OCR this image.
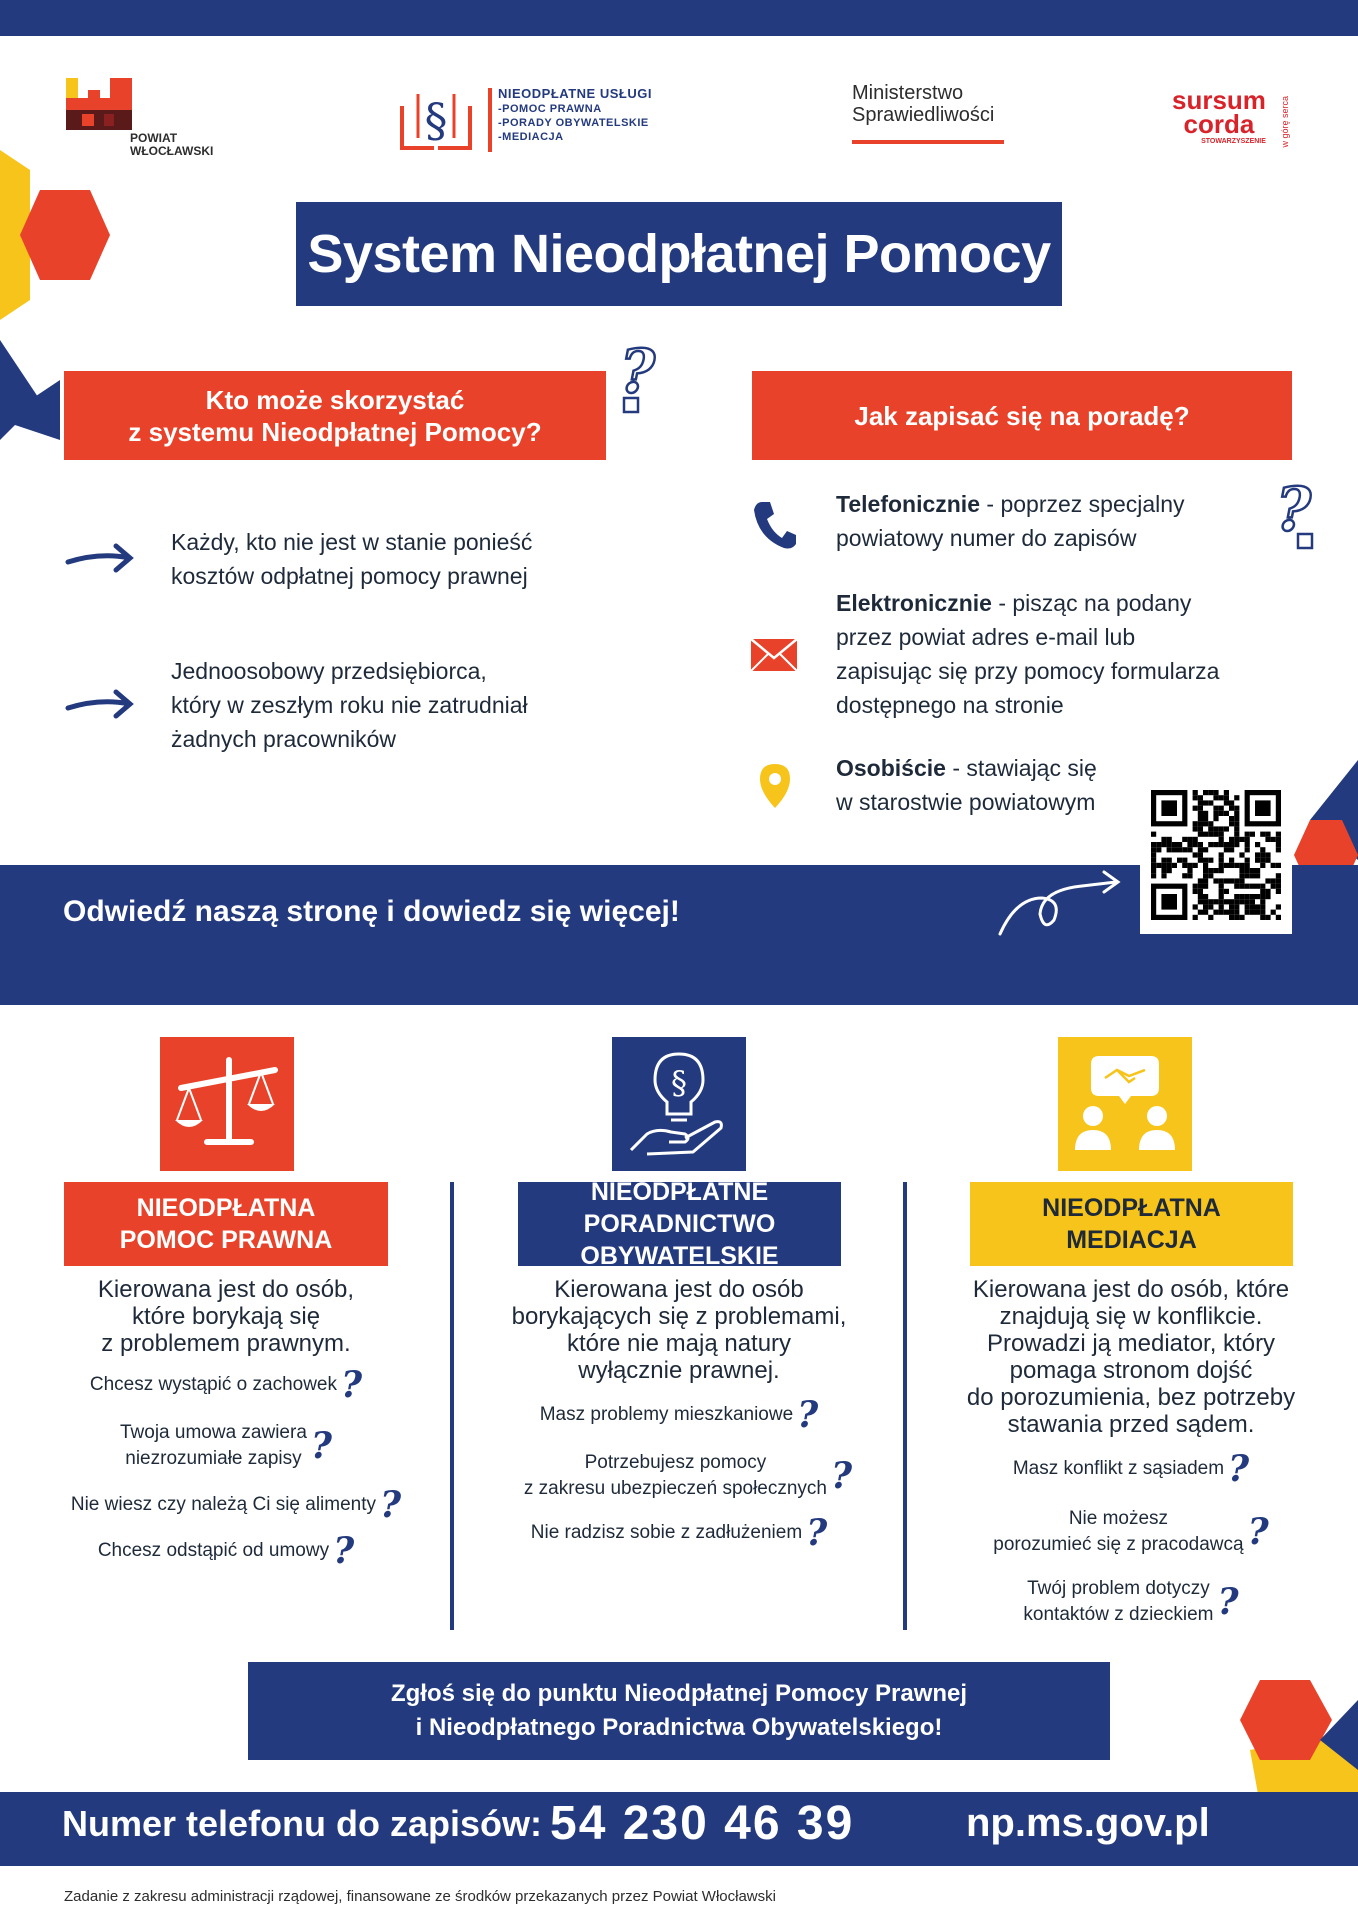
POWIAT
WŁOCŁAWSKI
§	NIEODPŁATNE USŁUGI
-POMOC PRAWNA
-PORADY OBYWATELSKIE
-MEDIACJA
Ministerstwo
Sprawiedliwości	sursum
corda
STOWARZYSZENIE w górę serca
System Nieodpłatnej Pomocy
Kto może skorzystać
z systemu Nieodpłatnej Pomocy?
?
Jak zapisać się na poradę?
Każdy, kto nie jest w stanie ponieść
kosztów odpłatnej pomocy prawnej
Jednoosobowy przedsiębiorca,
który w zeszłym roku nie zatrudniał
żadnych pracowników
Telefonicznie - poprzez specjalny
powiatowy numer do zapisów	?
Elektronicznie - pisząc na podany
przez powiat adres e-mail lub
zapisując się przy pomocy formularza
dostępnego na stronie
Osobiście - stawiając się
w starostwie powiatowym
Odwiedź naszą stronę i dowiedz się więcej!
NIEODPŁATNA
POMOC PRAWNA
Kierowana jest do osób,
które borykają się
z problemem prawnym.
Chcesz wystąpić o zachowek ?
Twoja umowa zawiera
niezrozumiałe zapisy ?
Nie wiesz czy należą Ci się alimenty ?
Chcesz odstąpić od umowy ?
§
NIEODPŁATNE
PORADNICTWO OBYWATELSKIE
Kierowana jest do osób
borykających się z problemami,
które nie mają natury
wyłącznie prawnej.
Masz problemy mieszkaniowe ?
Potrzebujesz pomocy
z zakresu ubezpieczeń społecznych ?
Nie radzisz sobie z zadłużeniem ?
NIEODPŁATNA
MEDIACJA
Kierowana jest do osób, które
znajdują się w konflikcie.
Prowadzi ją mediator, który
pomaga stronom dojść
do porozumienia, bez potrzeby
stawania przed sądem.
Masz konflikt z sąsiadem ?
Nie możesz
porozumieć się z pracodawcą ?
Twój problem dotyczy
kontaktów z dzieckiem ?
Zgłoś się do punktu Nieodpłatnej Pomocy Prawnej
i Nieodpłatnego Poradnictwa Obywatelskiego!
Numer telefonu do zapisów: 54 230 46 39	np.ms.gov.pl
Zadanie z zakresu administracji rządowej, finansowane ze środków przekazanych przez Powiat Włocławski
